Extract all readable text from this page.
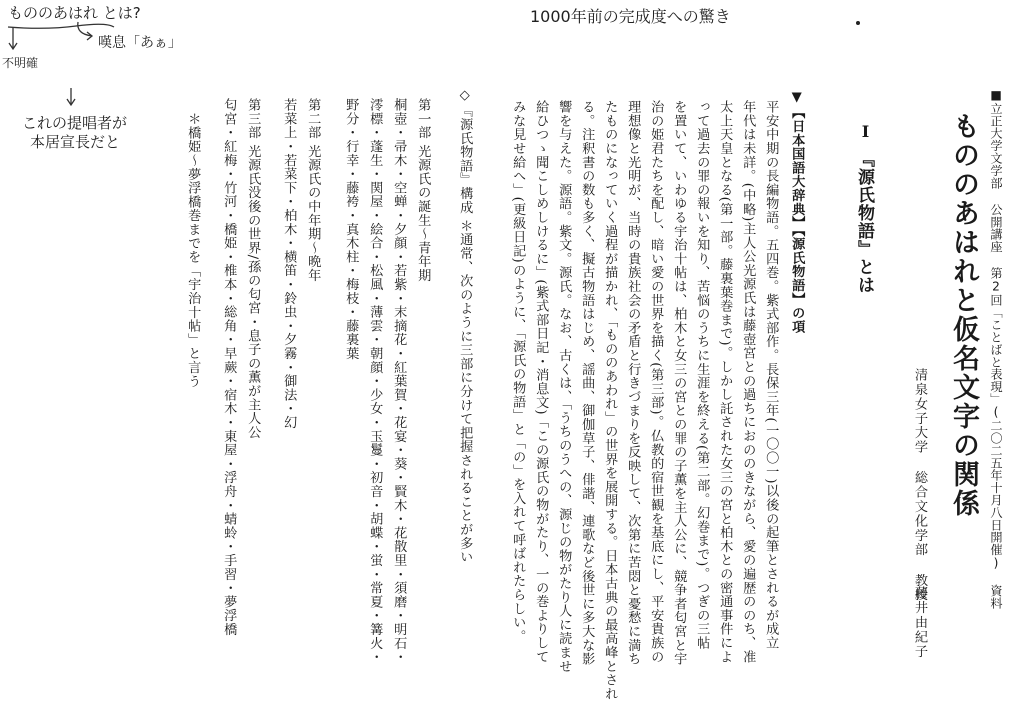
■立正大学文学部 公開講座 第2回「ことばと表現」(二〇二五年十月八日開催) 資料
もののあはれと仮名文字の関係
清泉女子大学 総合文化学部 教授
藤井由紀子
I
『源氏物語』とは
▼【日本国語大辞典】【源氏物語】の項
平安中期の長編物語。五四巻。紫式部作。長保三年(一〇〇一)以後の起筆とされるが成立
年代は未詳。(中略)主人公光源氏は藤壺宮との過ちにおののきながら、愛の遍歴ののち、准
太上天皇となる(第一部。藤裏葉巻まで)。しかし託された女三の宮と柏木との密通事件によ
って過去の罪の報いを知り、苦悩のうちに生涯を終える(第二部。幻巻まで)。つぎの三帖
を置いて、いわゆる宇治十帖は、柏木と女三の宮との罪の子薫を主人公に、競争者匂宮と宇
治の姫君たちを配し、暗い愛の世界を描く(第三部)。仏教的宿世観を基底にし、平安貴族の
理想像と光明が、当時の貴族社会の矛盾と行きづまりを反映して、次第に苦悶と憂愁に満ち
たものになっていく過程が描かれ、「もののあわれ」の世界を展開する。日本古典の最高峰とされ
る。注釈書の数も多く、擬古物語はじめ、謡曲、御伽草子、俳諧、連歌など後世に多大な影
響を与えた。源語。紫文。源氏。なお、古くは、「うちのうへの、源じの物がたり人に読ませ
給ひつゝ聞こしめしけるに」(紫式部日記・消息文)「この源氏の物がたり、一の巻よりして
みな見せ給へ」(更級日記)のように、「源氏の物語」と「の」を入れて呼ばれたらしい。
◇『源氏物語』構成 ＊通常、次のように三部に分けて把握されることが多い
第一部 光源氏の誕生〜青年期
桐壺・帚木・空蝉・夕顔・若紫・末摘花・紅葉賀・花宴・葵・賢木・花散里・須磨・明石・
澪標・蓬生・関屋・絵合・松風・薄雲・朝顔・少女・玉鬘・初音・胡蝶・蛍・常夏・篝火・
野分・行幸・藤袴・真木柱・梅枝・藤裏葉
第二部 光源氏の中年期〜晩年
若菜上・若菜下・柏木・横笛・鈴虫・夕霧・御法・幻
第三部 光源氏没後の世界/孫の匂宮・息子の薫が主人公
匂宮・紅梅・竹河・橋姫・椎本・総角・早蕨・宿木・東屋・浮舟・蜻蛉・手習・夢浮橋
＊橋姫〜夢浮橋巻までを「宇治十帖」と言う
もののあはれ とは?
嘆息「あぁ」
不明確
これの提唱者が
本居宣長だと
1000年前の完成度への驚き
